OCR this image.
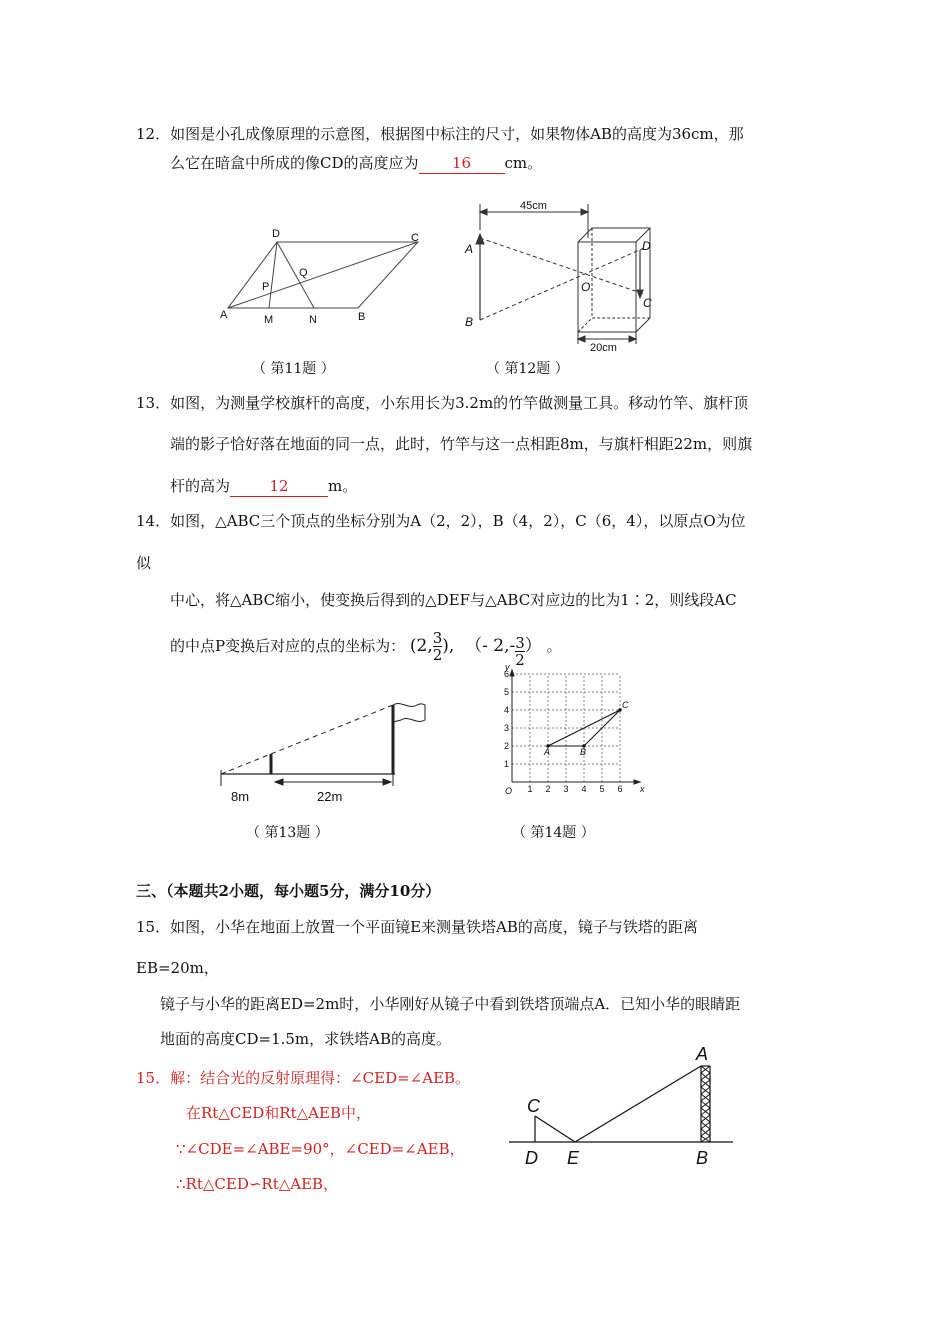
12．如图是小孔成像原理的示意图，根据图中标注的尺寸，如果物体AB的高度为36cm，那
么它在暗盒中所成的像CD的高度应为 16 cm。
A	B
C
D
M	N
P
Q
（ 第11题 ）
A
B
D
C
O
45cm
20cm
（ 第12题 ）
13．如图，为测量学校旗杆的高度，小东用长为3.2m的竹竿做测量工具。移动竹竿、旗杆顶
端的影子恰好落在地面的同一点，此时，竹竿与这一点相距8m，与旗杆相距22m，则旗
杆的高为	12	m。
14．如图，△ABC三个顶点的坐标分别为A（2，2），B（4，2），C（6，4），以原点O为位
似
中心，将△ABC缩小，使变换后得到的△DEF与△ABC对应边的比为1∶2，则线段AC
的中点P变换后对应的点的坐标为： (2, $\frac{3}{2}$ ), （- $2,- \frac{3}{2}$ ） 。
8m	22m
（ 第13题 ）
1 2 3 4 5 6
1
2
3
4
5
6
A	B
C
x
y
O
（ 第14题 ）
三、（本题共2小题，每小题5分，满分10分）
15．如图，小华在地面上放置一个平面镜E来测量铁塔AB的高度，镜子与铁塔的距离
EB=20m，
镜子与小华的距离ED=2m时，小华刚好从镜子中看到铁塔顶端点A．已知小华的眼睛距
地面的高度CD=1.5m，求铁塔AB的高度。
15．解：结合光的反射原理得：∠CED=∠AEB。
在Rt△CED和Rt△AEB中，
∵∠CDE=∠ABE=90°，∠CED=∠AEB，
∴Rt△CED∽Rt△AEB，
A
B
C
D E
